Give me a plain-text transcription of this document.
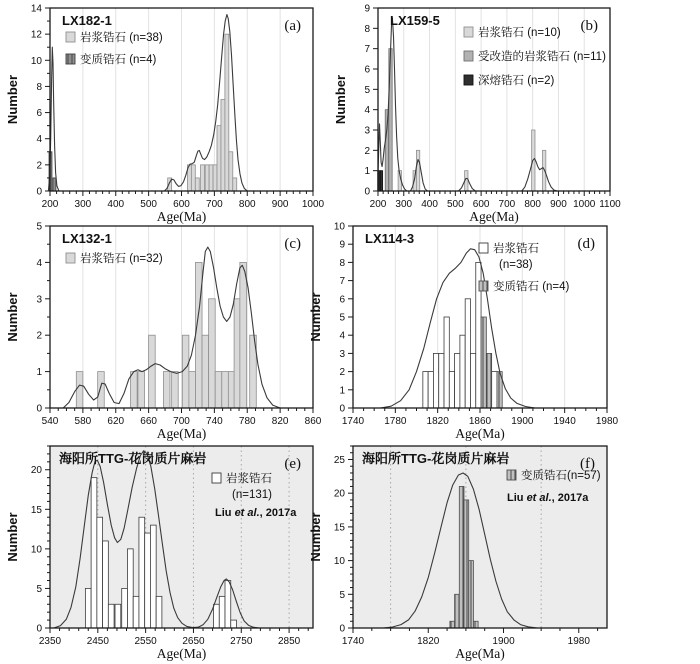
200 300 400 500 600 700 800 900 1000
0
2
4
6
8
10
12
14
Age(Ma)
Number
LX182-1	(a)
岩浆锆石 (n=38)
变质锆石 (n=4)
200 300 400 500 600 700 800 900 1000 1100
0
1
2
3
4
5
6
7
8
9
Age(Ma)
Number
LX159-5	(b)
岩浆锆石 (n=10)
受改造的岩浆锆石 (n=11)
深熔锆石 (n=2)
540 580 620 660 700 740 780 820 860
0
1
2
3
4
5
Age(Ma)
Number
LX132-1	(c)
岩浆锆石 (n=32)
1740 1780 1820 1860 1900 1940 1980
0
1
2
3
4
5
6
7
8
9
10
Age(Ma)
Number
LX114-3	(d)
岩浆锆石
(n=38)
变质锆石 (n=4)
2350	2450	2550	2650	2750	2850
0
5
10
15
20
Age(Ma)
Number
海阳所TTG-花岗质片麻岩	(e)
岩浆锆石
(n=131)
Liu et al., 2017a
1740	1820	1900	1980
0
5
10
15
20
25
Age(Ma)
Number
海阳所TTG-花岗质片麻岩	(f)
变质锆石(n=57)
Liu et al., 2017a
